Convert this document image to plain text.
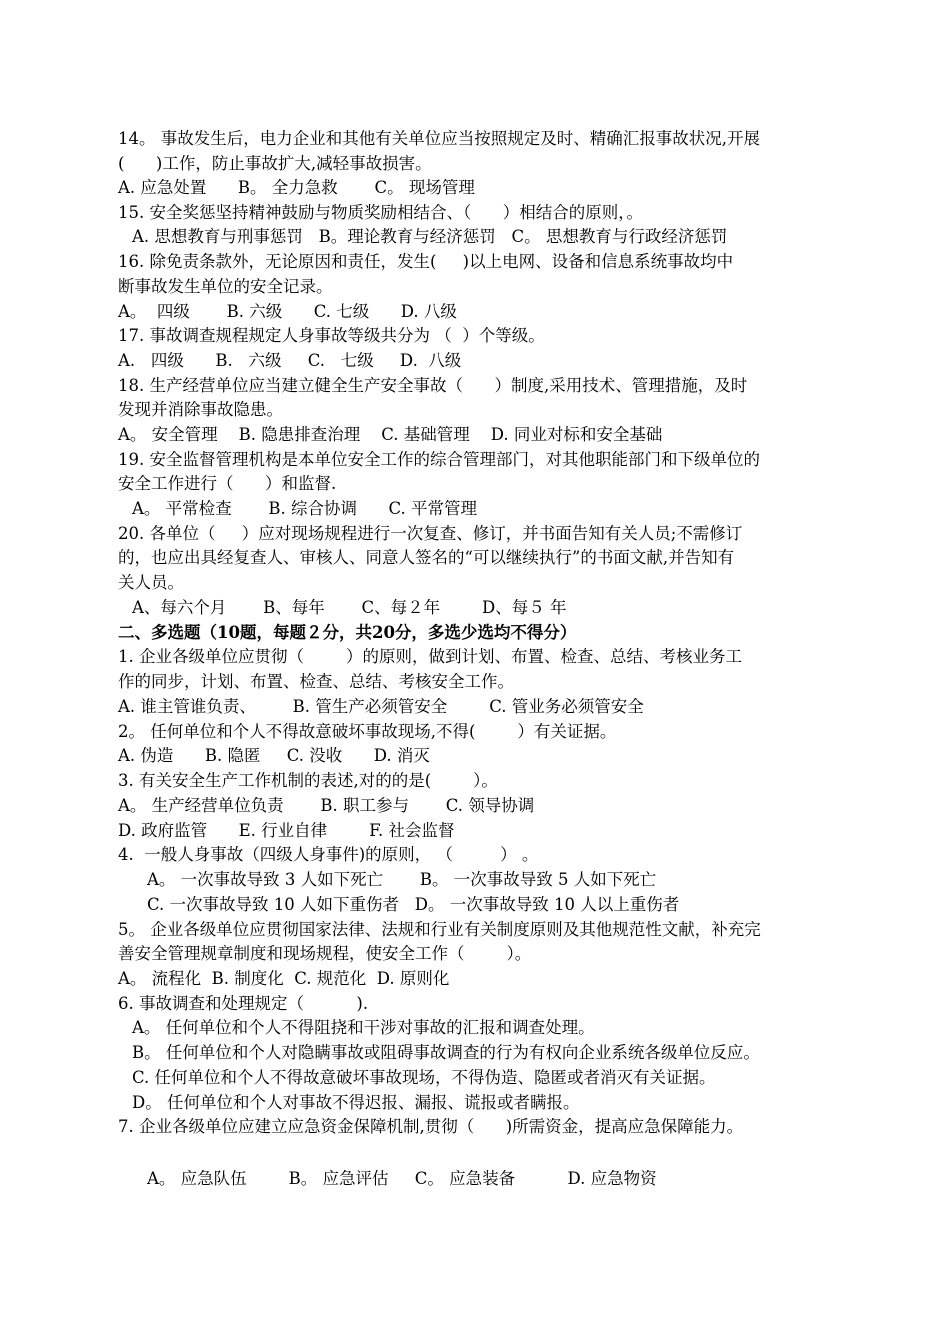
14。 事故发生后，电力企业和其他有关单位应当按照规定及时、精确汇报事故状况,开展
(      )工作，防止事故扩大,减轻事故损害。
A. 应急处置      B。 全力急救       C。 现场管理
15. 安全奖惩坚持精神鼓励与物质奖励相结合、（      ）相结合的原则，。
A. 思想教育与刑事惩罚   B。理论教育与经济惩罚   C。 思想教育与行政经济惩罚
16. 除免责条款外，无论原因和责任，发生(     )以上电网、设备和信息系统事故均中
断事故发生单位的安全记录。
A。  四级       B. 六级      C. 七级      D. 八级
17. 事故调查规程规定人身事故等级共分为 （  ）个等级。
A.   四级      B.   六级     C.   七级     D.  八级
18. 生产经营单位应当建立健全生产安全事故（      ）制度,采用技术、管理措施，及时
发现并消除事故隐患。
A。 安全管理    B. 隐患排查治理    C. 基础管理    D. 同业对标和安全基础
19. 安全监督管理机构是本单位安全工作的综合管理部门，对其他职能部门和下级单位的
安全工作进行（      ）和监督.
A。 平常检查       B. 综合协调      C. 平常管理
20. 各单位（     ）应对现场规程进行一次复查、修订，并书面告知有关人员;不需修订
的，也应出具经复查人、审核人、同意人签名的“可以继续执行”的书面文献,并告知有
关人员。
A、每六个月       B、每年       C、每２年        D、每５ 年
二、多选题（10题，每题２分，共20分，多选少选均不得分）
1. 企业各级单位应贯彻（        ）的原则，做到计划、布置、检查、总结、考核业务工
作的同步，计划、布置、检查、总结、考核安全工作。
A. 谁主管谁负责、       B. 管生产必须管安全        C. 管业务必须管安全
2。 任何单位和个人不得故意破坏事故现场,不得(        ）有关证据。
A. 伪造      B. 隐匿     C. 没收      D. 消灭
3. 有关安全生产工作机制的表述,对的的是(        ）。
A。 生产经营单位负责       B. 职工参与       C. 领导协调
D. 政府监管      E. 行业自律        F. 社会监督
4.  一般人身事故（四级人身事件)的原则， （         ） 。
A。 一次事故导致 3 人如下死亡       B。 一次事故导致 5 人如下死亡
C. 一次事故导致 10 人如下重伤者   D。 一次事故导致 10 人以上重伤者
5。 企业各级单位应贯彻国家法律、法规和行业有关制度原则及其他规范性文献，补充完
善安全管理规章制度和现场规程，使安全工作（        ）。
A。 流程化  B. 制度化  C. 规范化  D. 原则化
6. 事故调查和处理规定（          ).
A。 任何单位和个人不得阻挠和干涉对事故的汇报和调查处理。
B。 任何单位和个人对隐瞒事故或阻碍事故调查的行为有权向企业系统各级单位反应。
C. 任何单位和个人不得故意破坏事故现场，不得伪造、隐匿或者消灭有关证据。
D。 任何单位和个人对事故不得迟报、漏报、谎报或者瞒报。
7. 企业各级单位应建立应急资金保障机制,贯彻（      )所需资金，提高应急保障能力。
A。 应急队伍        B。 应急评估     C。 应急装备          D. 应急物资
